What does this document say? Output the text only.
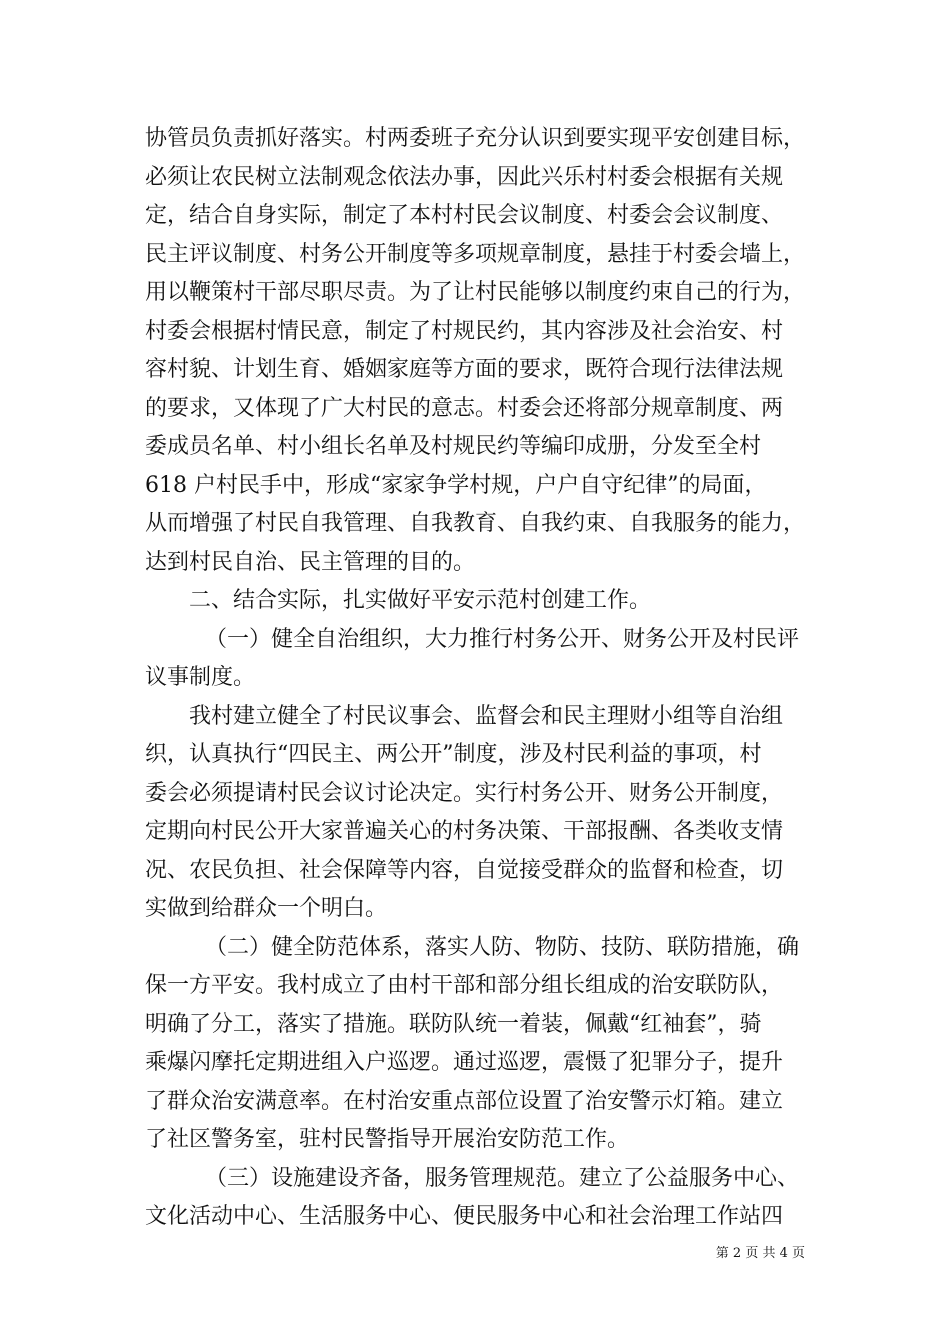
协管员负责抓好落实。村两委班子充分认识到要实现平安创建目标，
必须让农民树立法制观念依法办事，因此兴乐村村委会根据有关规
定，结合自身实际，制定了本村村民会议制度、村委会会议制度、
民主评议制度、村务公开制度等多项规章制度，悬挂于村委会墙上，
用以鞭策村干部尽职尽责。为了让村民能够以制度约束自己的行为，
村委会根据村情民意，制定了村规民约，其内容涉及社会治安、村
容村貌、计划生育、婚姻家庭等方面的要求，既符合现行法律法规
的要求，又体现了广大村民的意志。村委会还将部分规章制度、两
委成员名单、村小组长名单及村规民约等编印成册，分发至全村
618 户村民手中，形成“家家争学村规，户户自守纪律”的局面，
从而增强了村民自我管理、自我教育、自我约束、自我服务的能力，
达到村民自治、民主管理的目的。
二、结合实际，扎实做好平安示范村创建工作。
（一）健全自治组织，大力推行村务公开、财务公开及村民评
议事制度。
我村建立健全了村民议事会、监督会和民主理财小组等自治组
织，认真执行“四民主、两公开”制度，涉及村民利益的事项，村
委会必须提请村民会议讨论决定。实行村务公开、财务公开制度，
定期向村民公开大家普遍关心的村务决策、干部报酬、各类收支情
况、农民负担、社会保障等内容，自觉接受群众的监督和检查，切
实做到给群众一个明白。
（二）健全防范体系，落实人防、物防、技防、联防措施，确
保一方平安。我村成立了由村干部和部分组长组成的治安联防队，
明确了分工，落实了措施。联防队统一着装，佩戴“红袖套”，骑
乘爆闪摩托定期进组入户巡逻。通过巡逻，震慑了犯罪分子，提升
了群众治安满意率。在村治安重点部位设置了治安警示灯箱。建立
了社区警务室，驻村民警指导开展治安防范工作。
（三）设施建设齐备，服务管理规范。建立了公益服务中心、
文化活动中心、生活服务中心、便民服务中心和社会治理工作站四
第 2 页 共 4 页
